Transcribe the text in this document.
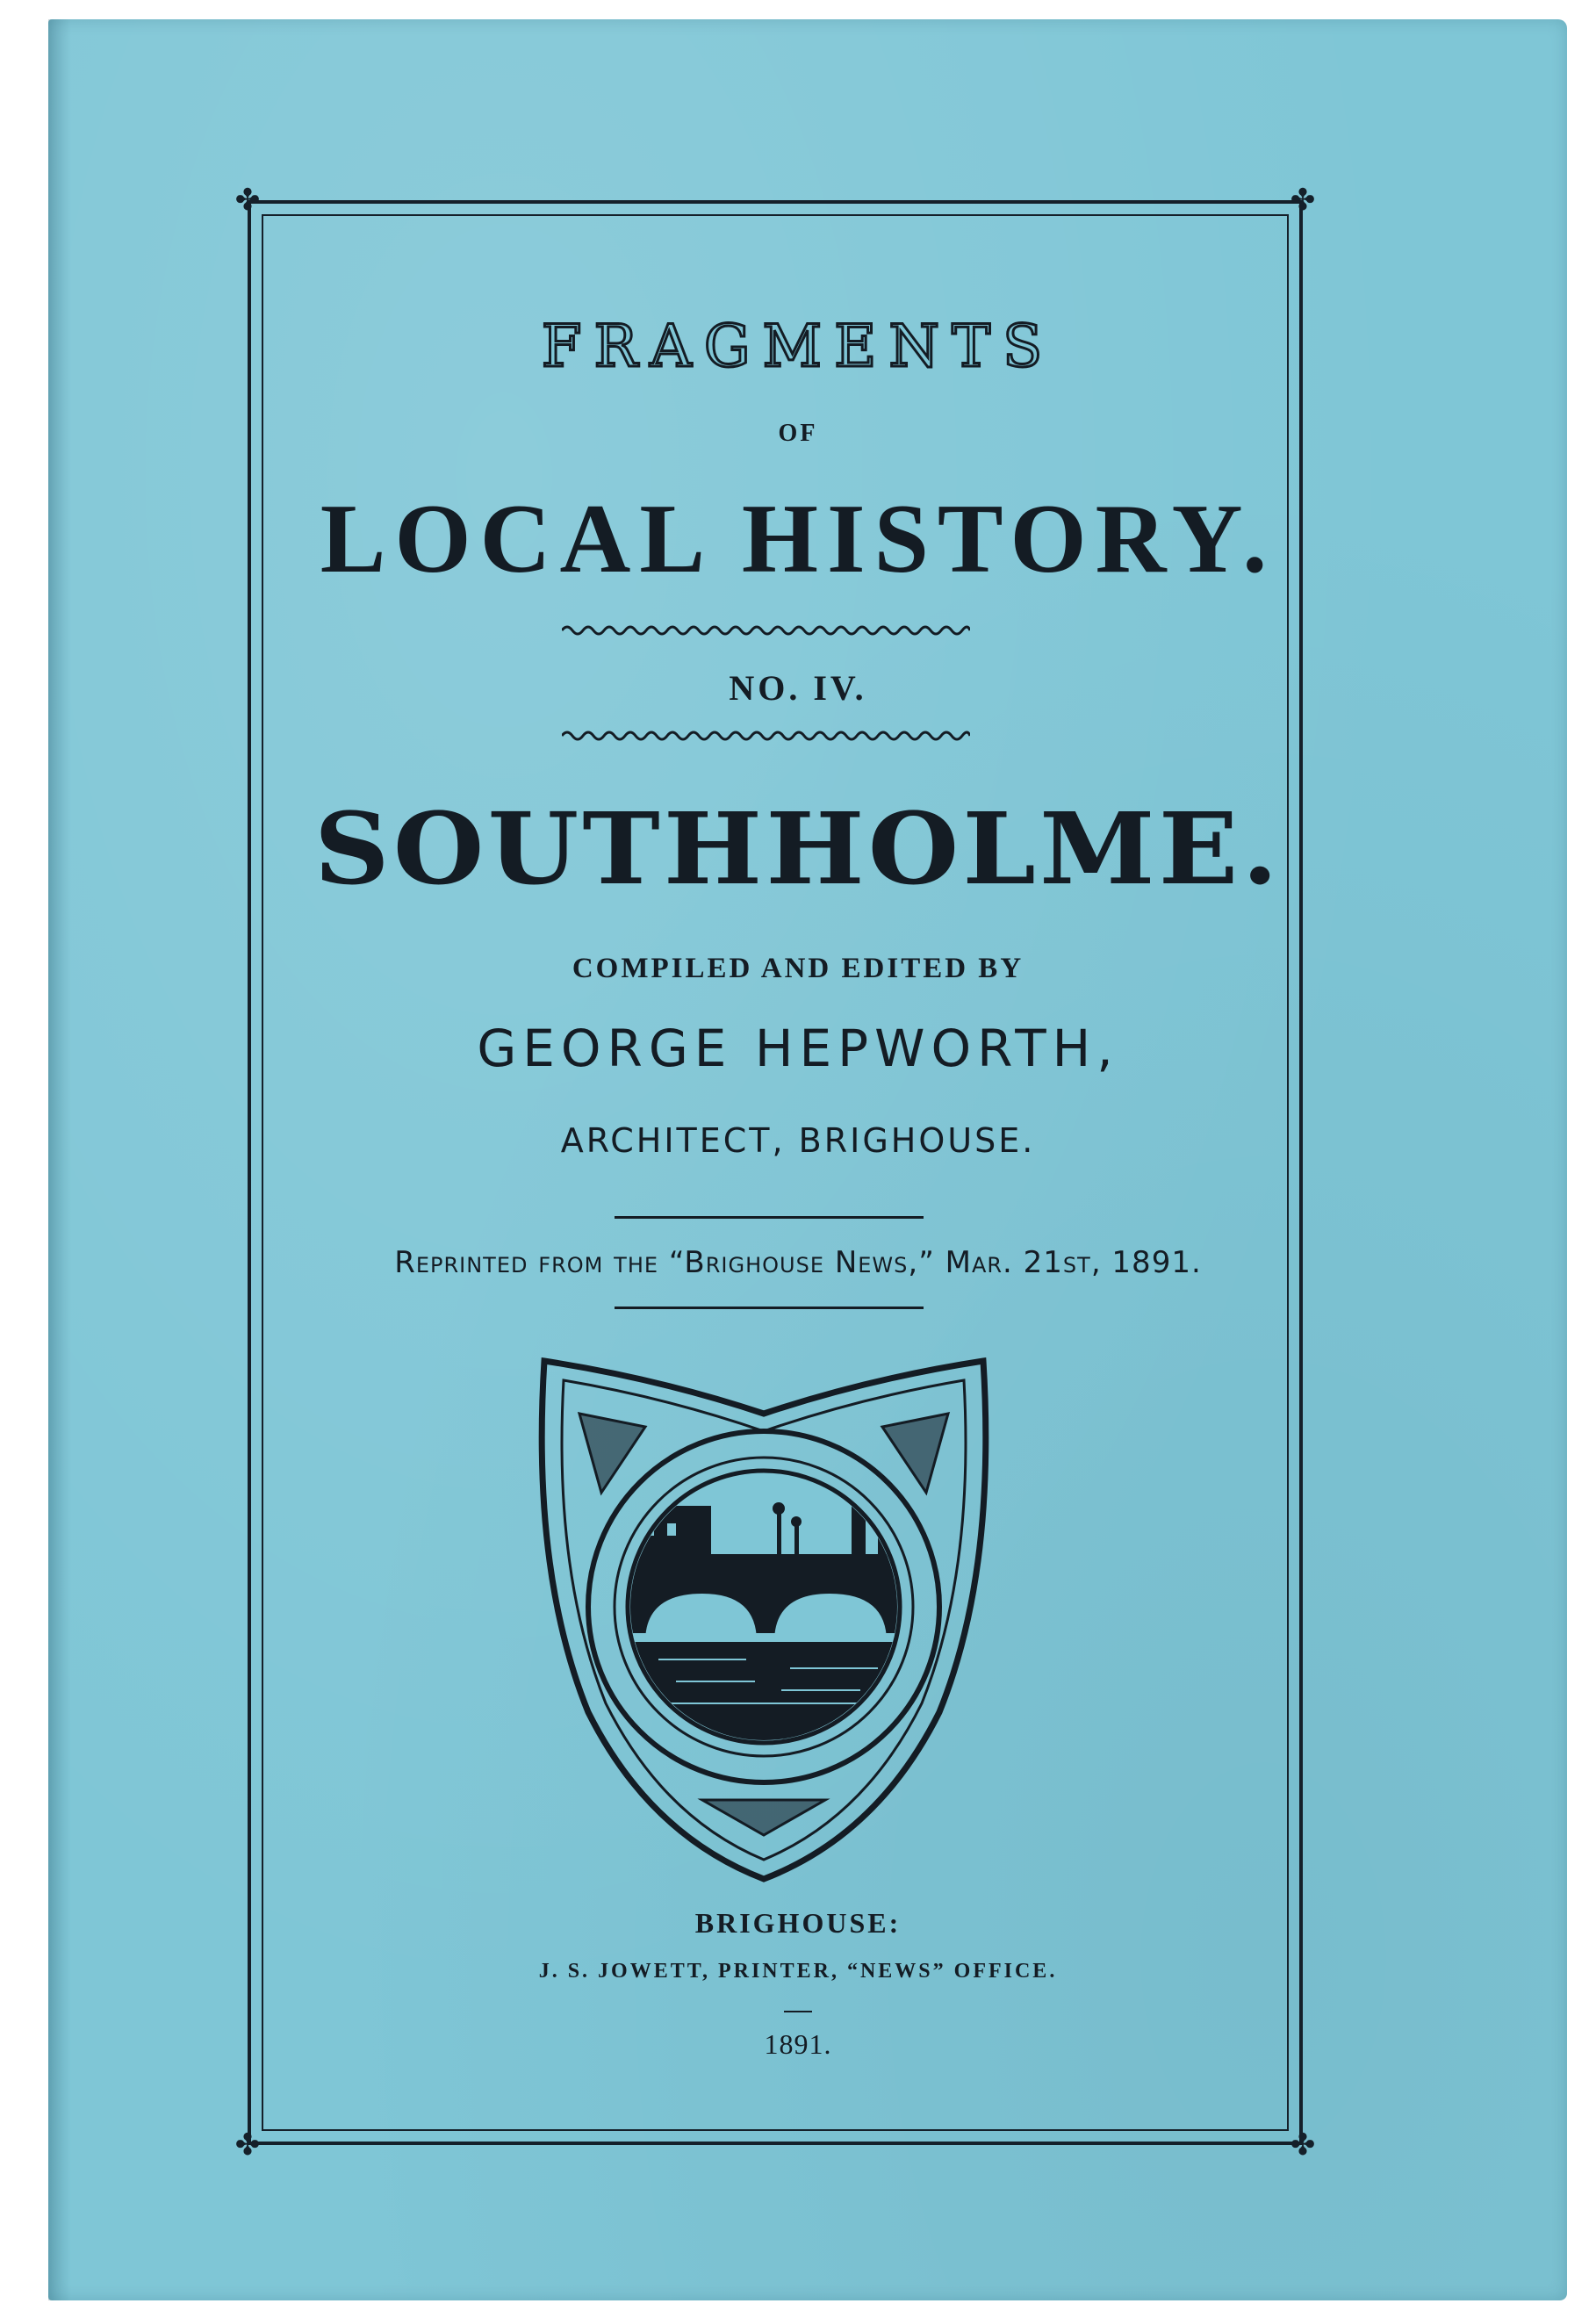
✤	✤
✤	✤
FRAGMENTS
OF
LOCAL HISTORY.
NO. IV.
SOUTHHOLME.
COMPILED AND EDITED BY
GEORGE HEPWORTH,
ARCHITECT, BRIGHOUSE.
Reprinted from the “Brighouse News,” Mar. 21st, 1891.
BRIGHOUSE:
J. S. JOWETT, PRINTER, “NEWS” OFFICE.
1891.
